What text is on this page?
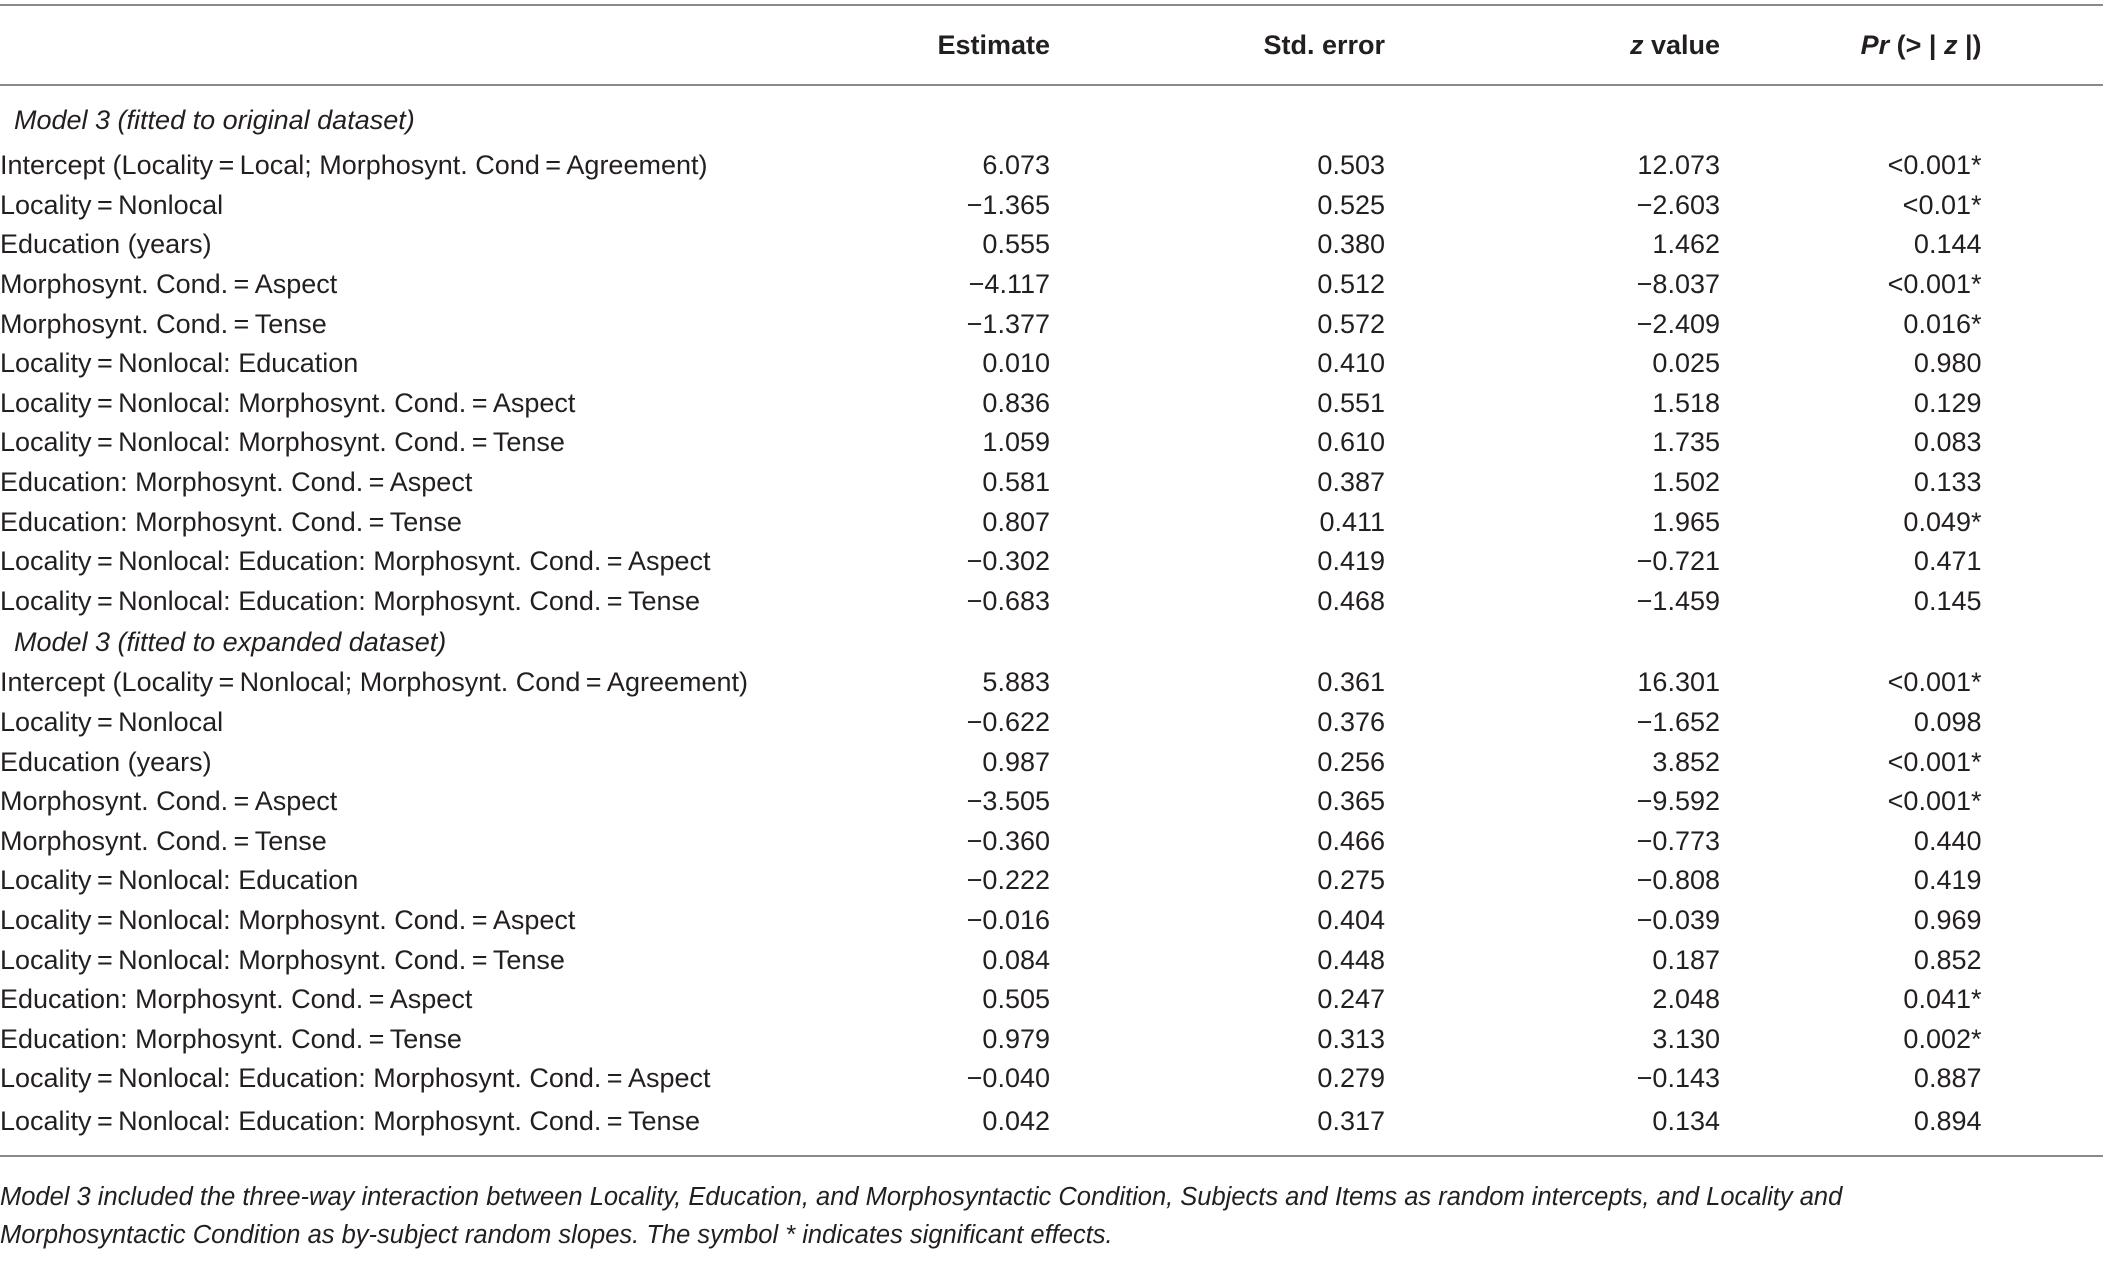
	Estimate	Std. error	z value	Pr (> | z |)
Model 3 (fitted to original dataset)				
Intercept (Locality = Local; Morphosynt. Cond = Agreement)	6.073	0.503	12.073	<0.001*
Locality = Nonlocal	−1.365	0.525	−2.603	<0.01*
Education (years)	0.555	0.380	1.462	0.144
Morphosynt. Cond. = Aspect	−4.117	0.512	−8.037	<0.001*
Morphosynt. Cond. = Tense	−1.377	0.572	−2.409	0.016*
Locality = Nonlocal: Education	0.010	0.410	0.025	0.980
Locality = Nonlocal: Morphosynt. Cond. = Aspect	0.836	0.551	1.518	0.129
Locality = Nonlocal: Morphosynt. Cond. = Tense	1.059	0.610	1.735	0.083
Education: Morphosynt. Cond. = Aspect	0.581	0.387	1.502	0.133
Education: Morphosynt. Cond. = Tense	0.807	0.411	1.965	0.049*
Locality = Nonlocal: Education: Morphosynt. Cond. = Aspect	−0.302	0.419	−0.721	0.471
Locality = Nonlocal: Education: Morphosynt. Cond. = Tense	−0.683	0.468	−1.459	0.145
Model 3 (fitted to expanded dataset)				
Intercept (Locality = Nonlocal; Morphosynt. Cond = Agreement)	5.883	0.361	16.301	<0.001*
Locality = Nonlocal	−0.622	0.376	−1.652	0.098
Education (years)	0.987	0.256	3.852	<0.001*
Morphosynt. Cond. = Aspect	−3.505	0.365	−9.592	<0.001*
Morphosynt. Cond. = Tense	−0.360	0.466	−0.773	0.440
Locality = Nonlocal: Education	−0.222	0.275	−0.808	0.419
Locality = Nonlocal: Morphosynt. Cond. = Aspect	−0.016	0.404	−0.039	0.969
Locality = Nonlocal: Morphosynt. Cond. = Tense	0.084	0.448	0.187	0.852
Education: Morphosynt. Cond. = Aspect	0.505	0.247	2.048	0.041*
Education: Morphosynt. Cond. = Tense	0.979	0.313	3.130	0.002*
Locality = Nonlocal: Education: Morphosynt. Cond. = Aspect	−0.040	0.279	−0.143	0.887
Locality = Nonlocal: Education: Morphosynt. Cond. = Tense	0.042	0.317	0.134	0.894
Model 3 included the three-way interaction between Locality, Education, and Morphosyntactic Condition, Subjects and Items as random intercepts, and Locality and
Morphosyntactic Condition as by-subject random slopes. The symbol * indicates significant effects.
